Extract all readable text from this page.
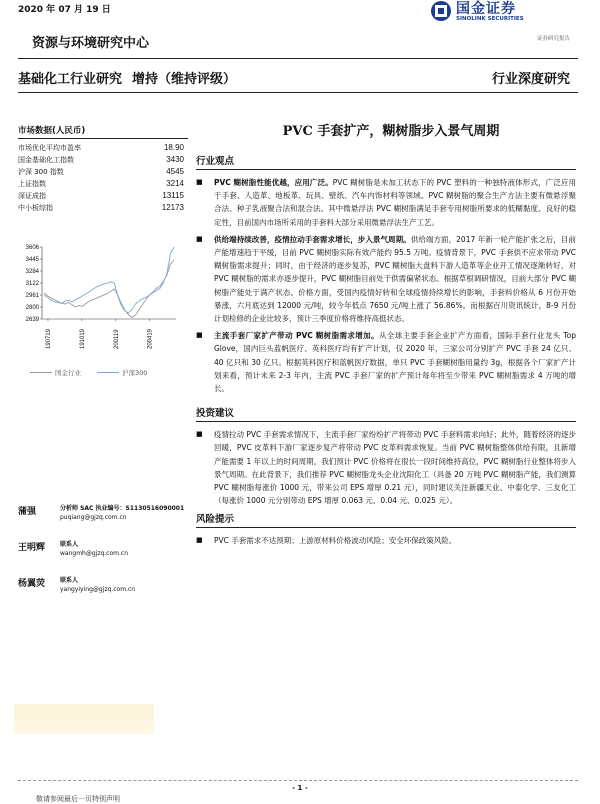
2020 年 07 月 19 日	国金证券
SINOLINK SECURITIES
证券研究报告
资源与环境研究中心
基础化工行业研究 增持（维持评级）	行业深度研究
市场数据(人民币)
市场优化平均市盈率	18.90
国金基础化工指数	3430
沪深 300 指数	4545
上证指数	3214
深证成指	13115
中小板综指	12173
3606
3445
3284
3122
2961
2800
2639
190719	191019	200119	200419
国金行业	沪深300
蒲强	分析师 SAC 执业编号：S1130516090001
puqiang@gjzq.com.cn
王明辉	联系人
wangmh@gjzq.com.cn
杨翼荧	联系人
yangyiying@gjzq.com.cn
PVC 手套扩产，糊树脂步入景气周期
行业观点
■	PVC 糊树脂性能优越，应用广泛。PVC 糊树脂是未加工状态下的 PVC 塑料的一种独特液体形式，广泛应用于手套、人造革、地板革、玩具、壁纸、汽车内饰材料等领域。PVC 糊树脂的聚合生产方法主要有微悬浮聚合法、种子乳液聚合法和混合法。其中微悬浮法 PVC 糊树脂满足手套专用树脂所要求的低糊黏度、良好的稳定性，目前国内市场所采用的手套料大部分采用微悬浮法生产工艺。
■	供给端持续改善，疫情拉动手套需求增长，步入景气周期。供给端方面，2017 年新一轮产能扩张之后，目前产能增速趋于平缓，目前 PVC 糊树脂实际有效产能约 95.5 万吨。疫情背景下，PVC 手套供不应求带动 PVC 糊树脂需求提升；同时，由于经济的逐步复苏，PVC 糊树脂大盘料下游人造革等企业开工情况逐渐转好，对 PVC 糊树脂的需求亦逐步提升，PVC 糊树脂目前处于供需偏紧状态。根据草根调研情况，目前大部分 PVC 糊树脂产能处于满产状态。价格方面，受国内疫情好转和全球疫情持续增长的影响，手套料价格从 6 月份开始暴涨，六月底达到 12000 元/吨，较今年低点 7650 元/吨上涨了 56.86%。而根据百川资讯统计，8-9 月份计划检修的企业比较多，预计三季度价格将维持高挺状态。
■	主流手套厂家扩产带动 PVC 糊树脂需求增加。从全球主要手套企业扩产方面看，国际手套行业龙头 Top Glove，国内巨头蓝帆医疗、英科医疗均有扩产计划，仅 2020 年，三家公司分别扩产 PVC 手套 24 亿只、40 亿只和 30 亿只。根据英科医疗和蓝帆医疗数据，单只 PVC 手套糊树脂用量约 3g，根据各个厂家扩产计划来看，预计未来 2-3 年内，主流 PVC 手套厂家的扩产预计每年将至少带来 PVC 糊树脂需求 4 万吨的增长。
投资建议
■	疫情拉动 PVC 手套需求情况下，主流手套厂家纷纷扩产将带动 PVC 手套料需求向好；此外，随着经济的逐步回暖，PVC 皮革料下游厂家逐步复产将带动 PVC 皮革料需求恢复。当前 PVC 糊树脂整体供给有限，且新增产能需要 1 年以上的时间周期，我们预计 PVC 价格将在很长一段时间维持高位，PVC 糊树脂行业整体将步入景气周期。在此背景下，我们推荐 PVC 糊树脂龙头企业沈阳化工（具备 20 万吨 PVC 糊树脂产能，我们测算 PVC 糊树脂每涨价 1000 元，带来公司 EPS 增厚 0.21 元），同时建议关注新疆天业、中泰化学、三友化工（每涨价 1000 元分别带动 EPS 增厚 0.063 元、0.04 元、0.025 元）。
风险提示
■	PVC 手套需求不达预期；上游原材料价格波动风险；安全环保政策风险。
- 1 -
敬请参阅最后一页特别声明
